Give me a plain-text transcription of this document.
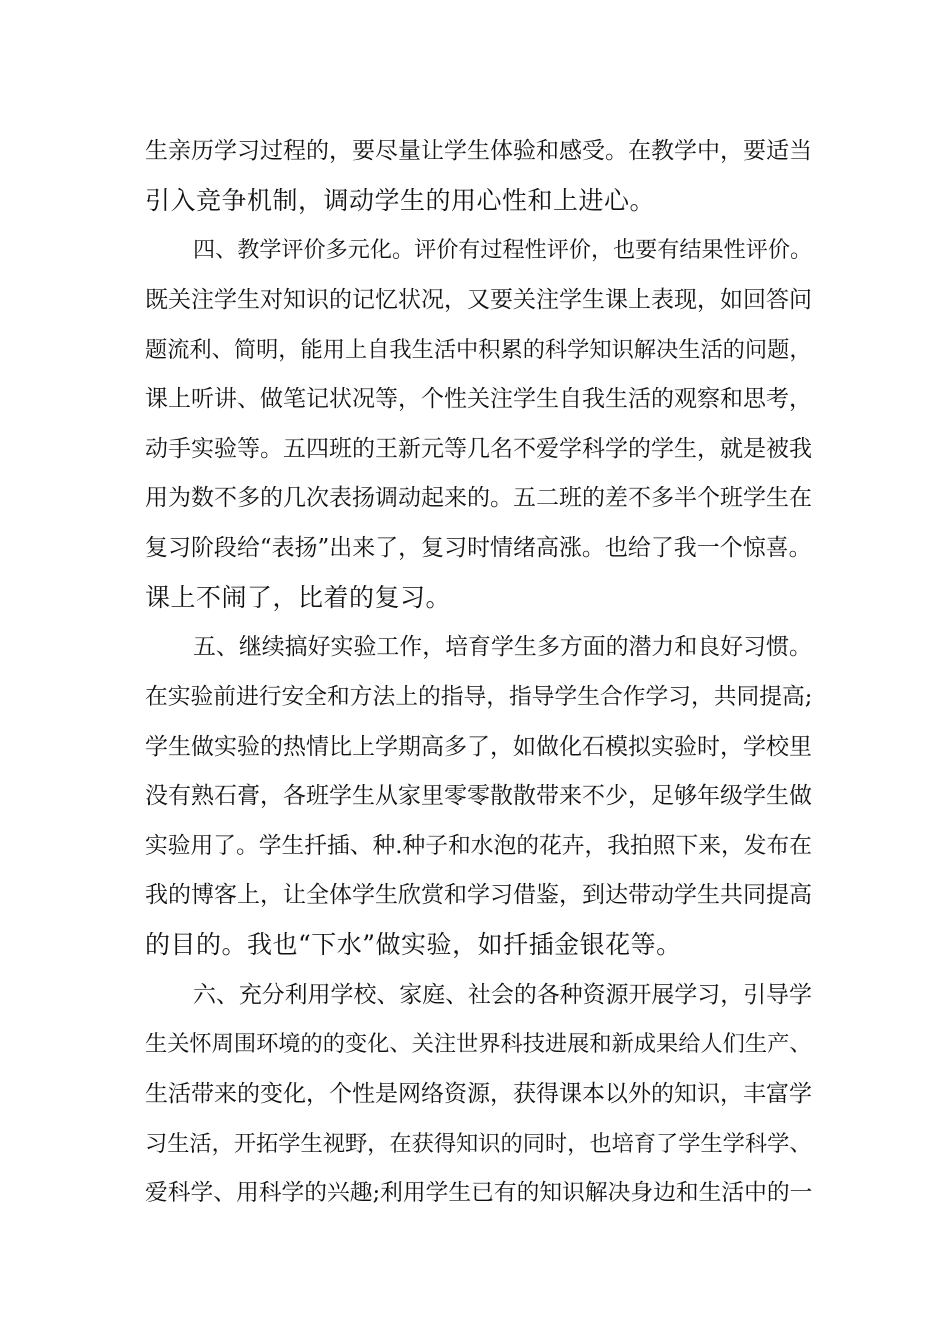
生亲历学习过程的，要尽量让学生体验和感受。在教学中，要适当
引入竞争机制，调动学生的用心性和上进心。
四、教学评价多元化。评价有过程性评价，也要有结果性评价。
既关注学生对知识的记忆状况，又要关注学生课上表现，如回答问
题流利、简明，能用上自我生活中积累的科学知识解决生活的问题，
课上听讲、做笔记状况等，个性关注学生自我生活的观察和思考，
动手实验等。五四班的王新元等几名不爱学科学的学生，就是被我
用为数不多的几次表扬调动起来的。五二班的差不多半个班学生在
复习阶段给“表扬”出来了，复习时情绪高涨。也给了我一个惊喜。
课上不闹了，比着的复习。
五、继续搞好实验工作，培育学生多方面的潜力和良好习惯。
在实验前进行安全和方法上的指导，指导学生合作学习，共同提高;
学生做实验的热情比上学期高多了，如做化石模拟实验时，学校里
没有熟石膏，各班学生从家里零零散散带来不少，足够年级学生做
实验用了。学生扦插、种.种子和水泡的花卉，我拍照下来，发布在
我的博客上，让全体学生欣赏和学习借鉴，到达带动学生共同提高
的目的。我也“下水”做实验，如扦插金银花等。
六、充分利用学校、家庭、社会的各种资源开展学习，引导学
生关怀周围环境的的变化、关注世界科技进展和新成果给人们生产、
生活带来的变化，个性是网络资源，获得课本以外的知识，丰富学
习生活，开拓学生视野，在获得知识的同时，也培育了学生学科学、
爱科学、用科学的兴趣;利用学生已有的知识解决身边和生活中的一
